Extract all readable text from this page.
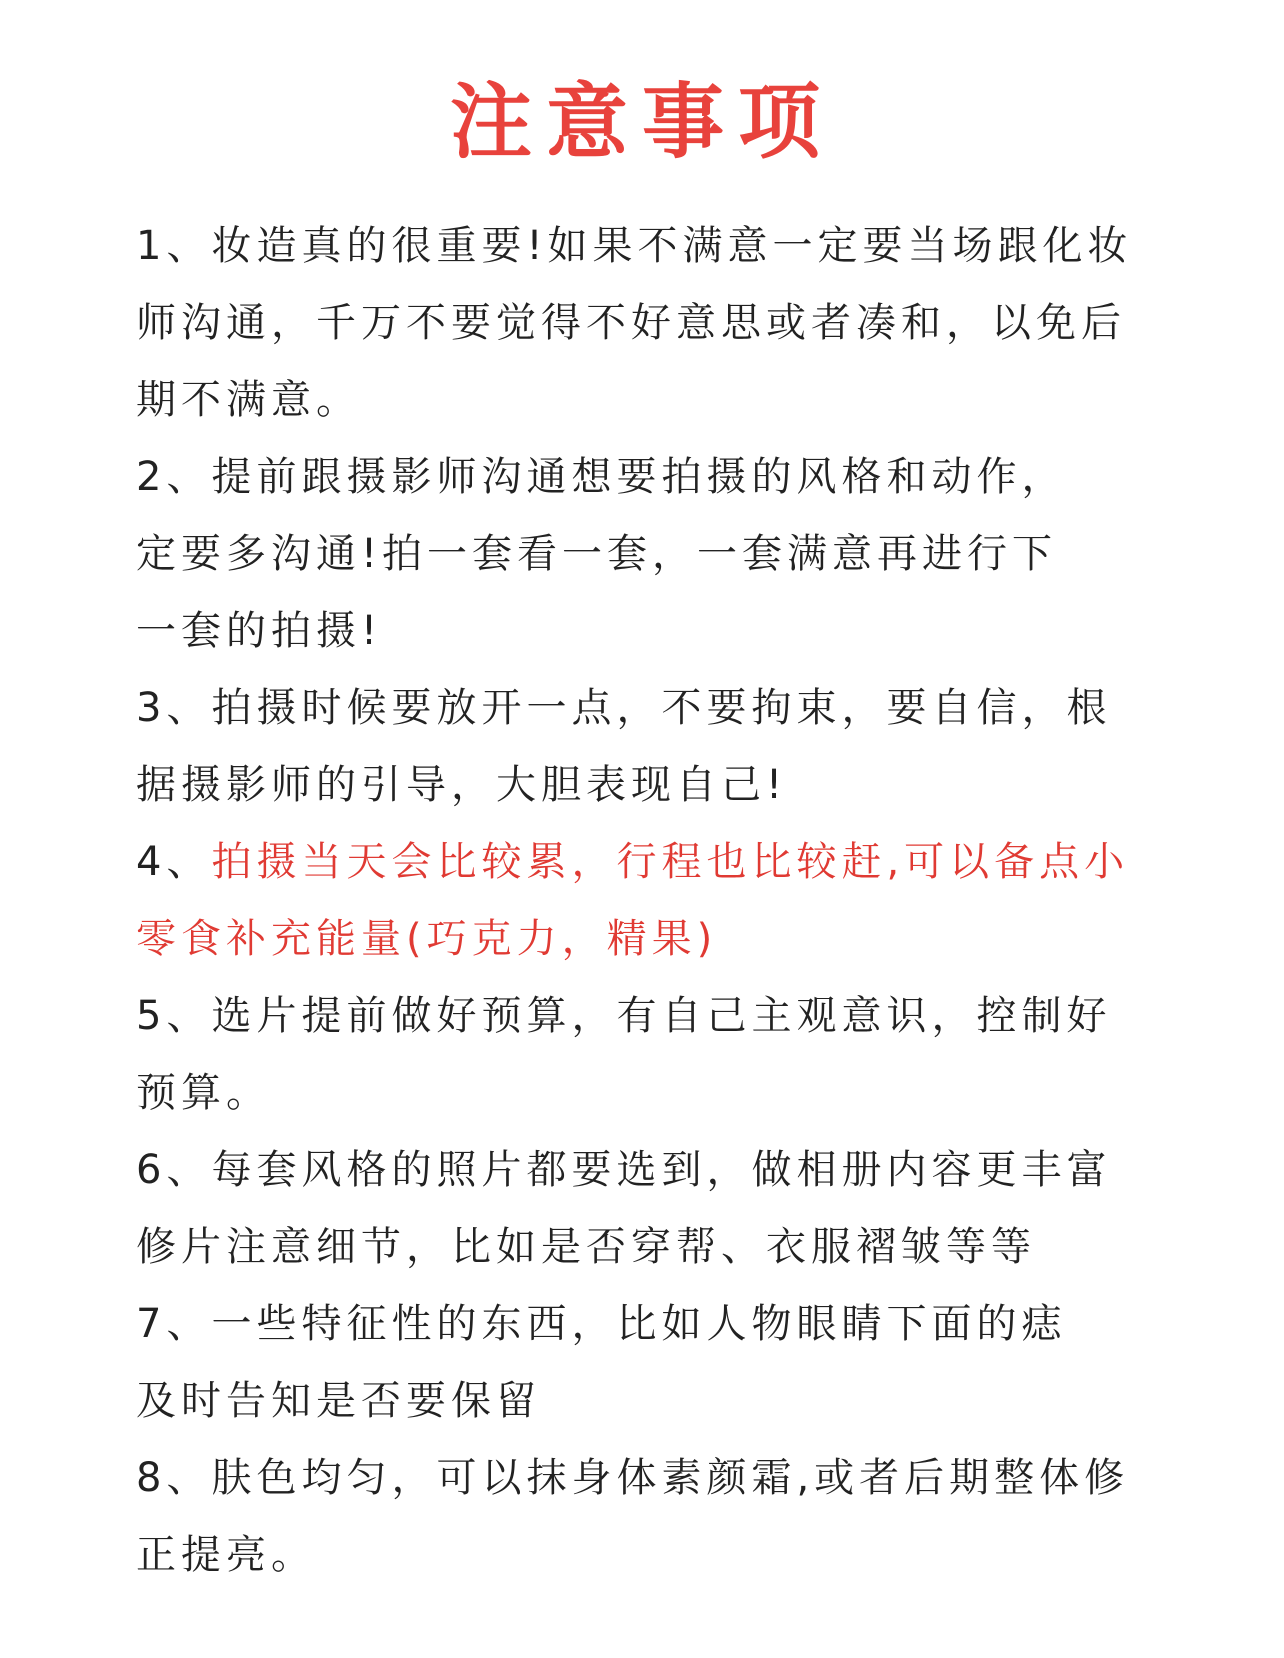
注意事项
1、妆造真的很重要!如果不满意一定要当场跟化妆
师沟通，千万不要觉得不好意思或者凑和，以免后
期不满意。
2、提前跟摄影师沟通想要拍摄的风格和动作，
定要多沟通!拍一套看一套，一套满意再进行下
一套的拍摄!
3、拍摄时候要放开一点，不要拘束，要自信，根
据摄影师的引导，大胆表现自己!
4、拍摄当天会比较累，行程也比较赶,可以备点小
零食补充能量(巧克力，精果)
5、选片提前做好预算，有自己主观意识，控制好
预算。
6、每套风格的照片都要选到，做相册内容更丰富
修片注意细节，比如是否穿帮、衣服褶皱等等
7、一些特征性的东西，比如人物眼睛下面的痣
及时告知是否要保留
8、肤色均匀，可以抹身体素颜霜,或者后期整体修
正提亮。
